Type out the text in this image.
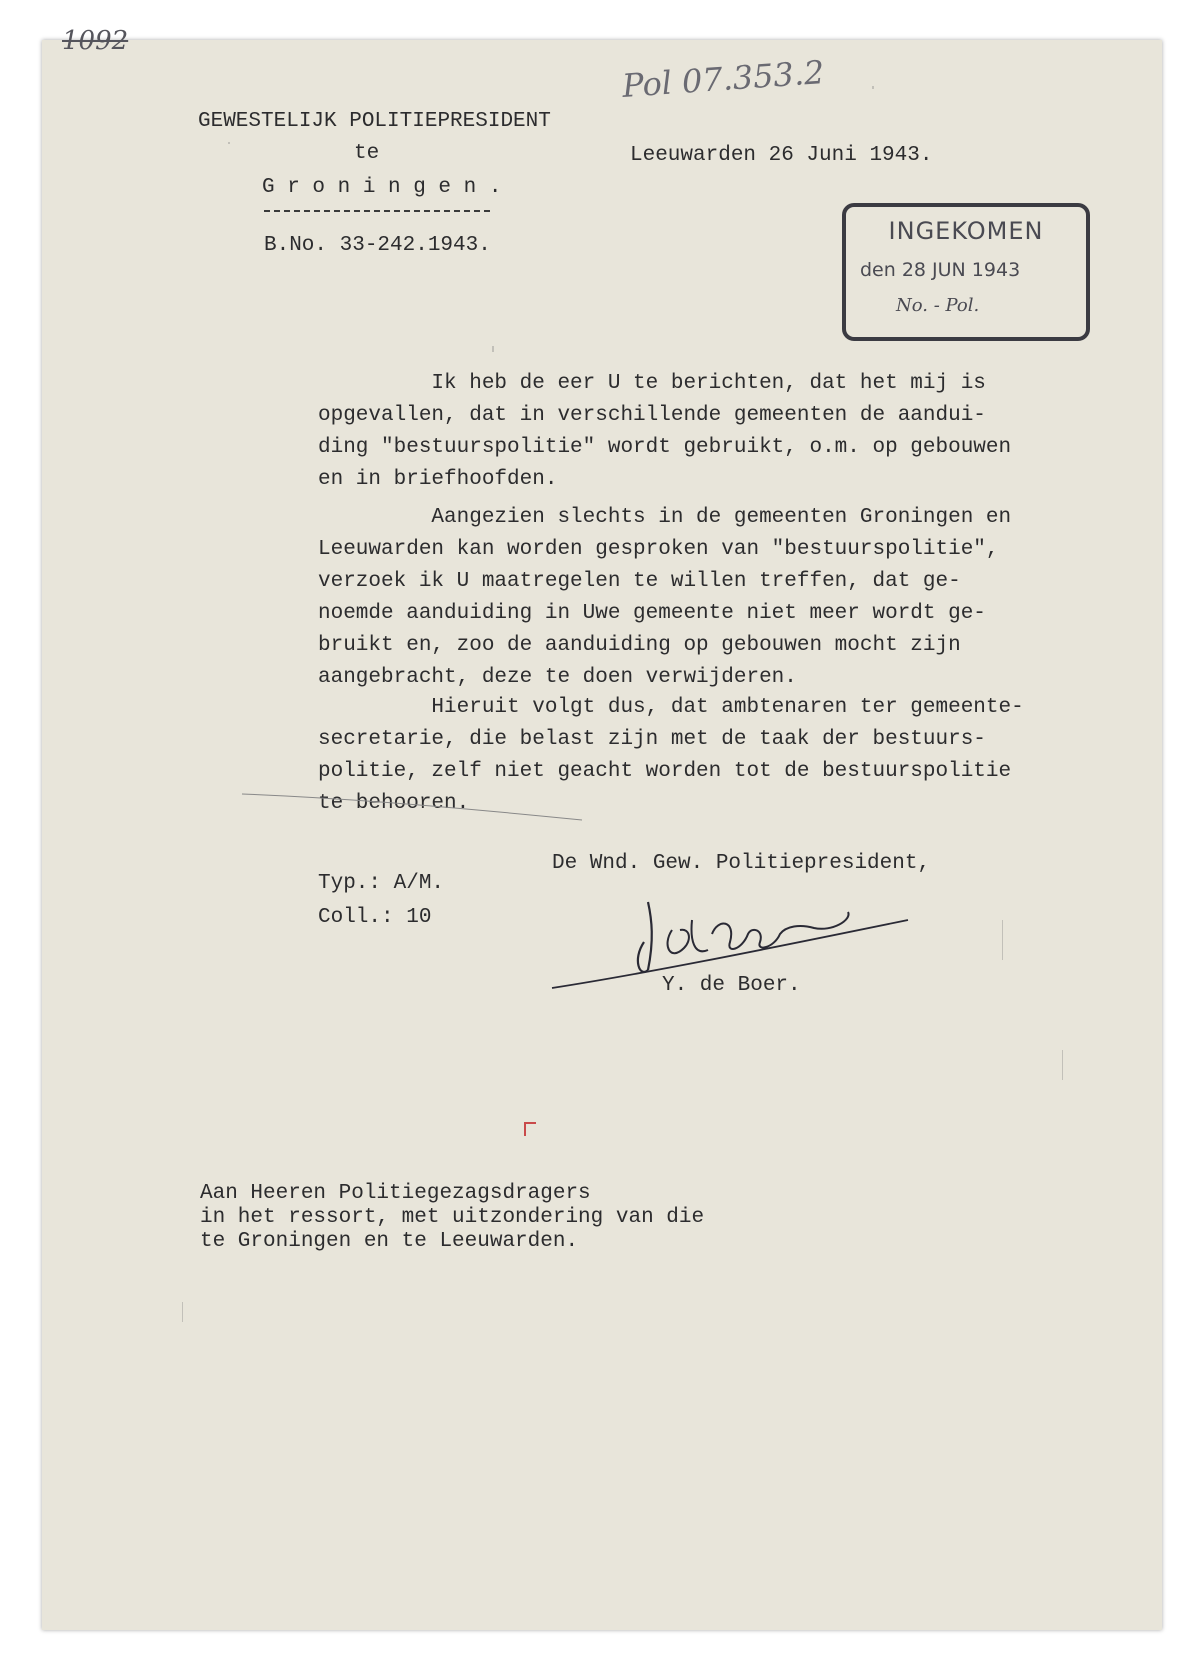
1092
Pol 07.353.2
GEWESTELIJK POLITIEPRESIDENT
te
G r o n i n g e n .
B.No. 33-242.1943.
Leeuwarden 26 Juni 1943.
INGEKOMEN
den 28 JUN 1943
No. - Pol.
Ik heb de eer U te berichten, dat het mij is
opgevallen, dat in verschillende gemeenten de aandui-
ding "bestuurspolitie" wordt gebruikt, o.m. op gebouwen
en in briefhoofden.
Aangezien slechts in de gemeenten Groningen en
Leeuwarden kan worden gesproken van "bestuurspolitie",
verzoek ik U maatregelen te willen treffen, dat ge-
noemde aanduiding in Uwe gemeente niet meer wordt ge-
bruikt en, zoo de aanduiding op gebouwen mocht zijn
aangebracht, deze te doen verwijderen.
Hieruit volgt dus, dat ambtenaren ter gemeente-
secretarie, die belast zijn met de taak der bestuurs-
politie, zelf niet geacht worden tot de bestuurspolitie
te behooren.
Typ.: A/M.
Coll.: 10
De Wnd. Gew. Politiepresident,
Y. de Boer.
Aan Heeren Politiegezagsdragers
in het ressort, met uitzondering van die
te Groningen en te Leeuwarden.
